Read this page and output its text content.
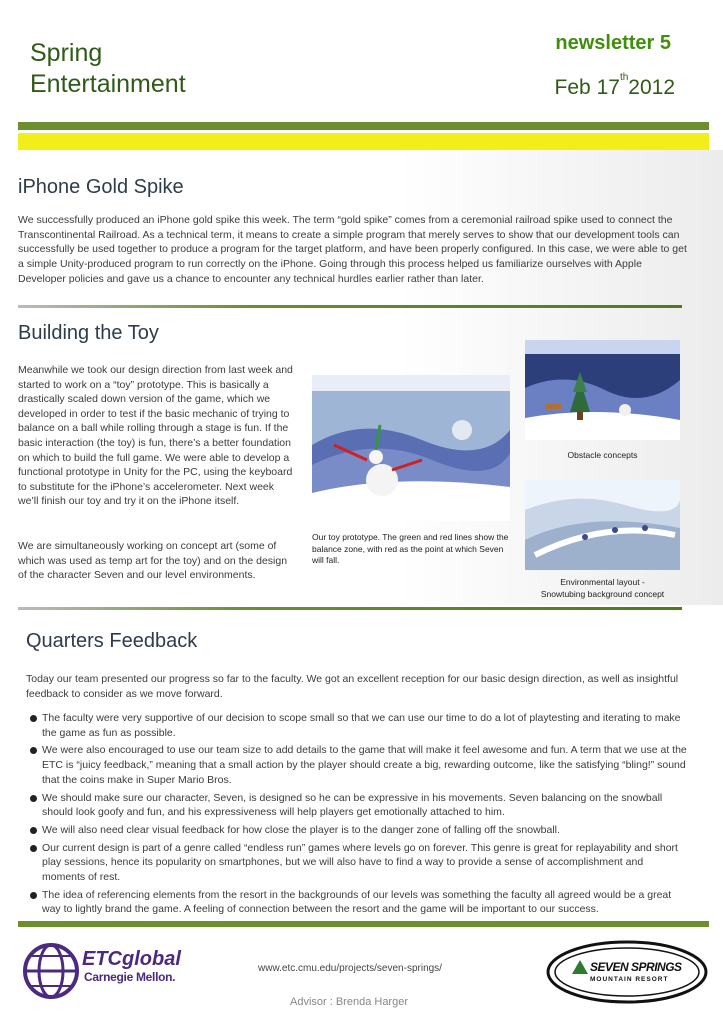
Spring
Entertainment
newsletter 5
Feb 17th2012
iPhone Gold Spike
We successfully produced an iPhone gold spike this week. The term “gold spike” comes from a ceremonial railroad spike used to connect the Transcontinental Railroad. As a technical term, it means to create a simple program that merely serves to show that our development tools can successfully be used together to produce a program for the target platform, and have been properly configured. In this case, we were able to get a simple Unity-produced program to run correctly on the iPhone. Going through this process helped us familiarize ourselves with Apple Developer policies and gave us a chance to encounter any technical hurdles earlier rather than later.
Building the Toy
Meanwhile we took our design direction from last week and started to work on a “toy” prototype. This is basically a drastically scaled down version of the game, which we developed in order to test if the basic mechanic of trying to balance on a ball while rolling through a stage is fun. If the basic interaction (the toy) is fun, there’s a better foundation on which to build the full game. We were able to develop a functional prototype in Unity for the PC, using the keyboard to substitute for the iPhone’s accelerometer. Next week we’ll finish our toy and try it on the iPhone itself.
We are simultaneously working on concept art (some of which was used as temp art for the toy) and on the design of the character Seven and our level environments.
Our toy prototype. The green and red lines show the balance zone, with red as the point at which Seven will fall.
Obstacle concepts
Environmental layout -
Snowtubing background concept
Quarters Feedback
Today our team presented our progress so far to the faculty. We got an excellent reception for our basic design direction, as well as insightful feedback to consider as we move forward.
The faculty were very supportive of our decision to scope small so that we can use our time to do a lot of playtesting and iterating to make the game as fun as possible.
We were also encouraged to use our team size to add details to the game that will make it feel awesome and fun. A term that we use at the ETC is “juicy feedback,” meaning that a small action by the player should create a big, rewarding outcome, like the satisfying “bling!” sound that the coins make in Super Mario Bros.
We should make sure our character, Seven, is designed so he can be expressive in his movements. Seven balancing on the snowball should look goofy and fun, and his expressiveness will help players get emotionally attached to him.
We will also need clear visual feedback for how close the player is to the danger zone of falling off the snowball.
Our current design is part of a genre called “endless run” games where levels go on forever. This genre is great for replayability and short play sessions, hence its popularity on smartphones, but we will also have to find a way to provide a sense of accomplishment and moments of rest.
The idea of referencing elements from the resort in the backgrounds of our levels was something the faculty all agreed would be a great way to lightly brand the game. A feeling of connection between the resort and the game will be important to our success.
ETCglobal
Carnegie Mellon.
www.etc.cmu.edu/projects/seven-springs/
Advisor : Brenda Harger
SEVEN SPRINGS
MOUNTAIN RESORT
